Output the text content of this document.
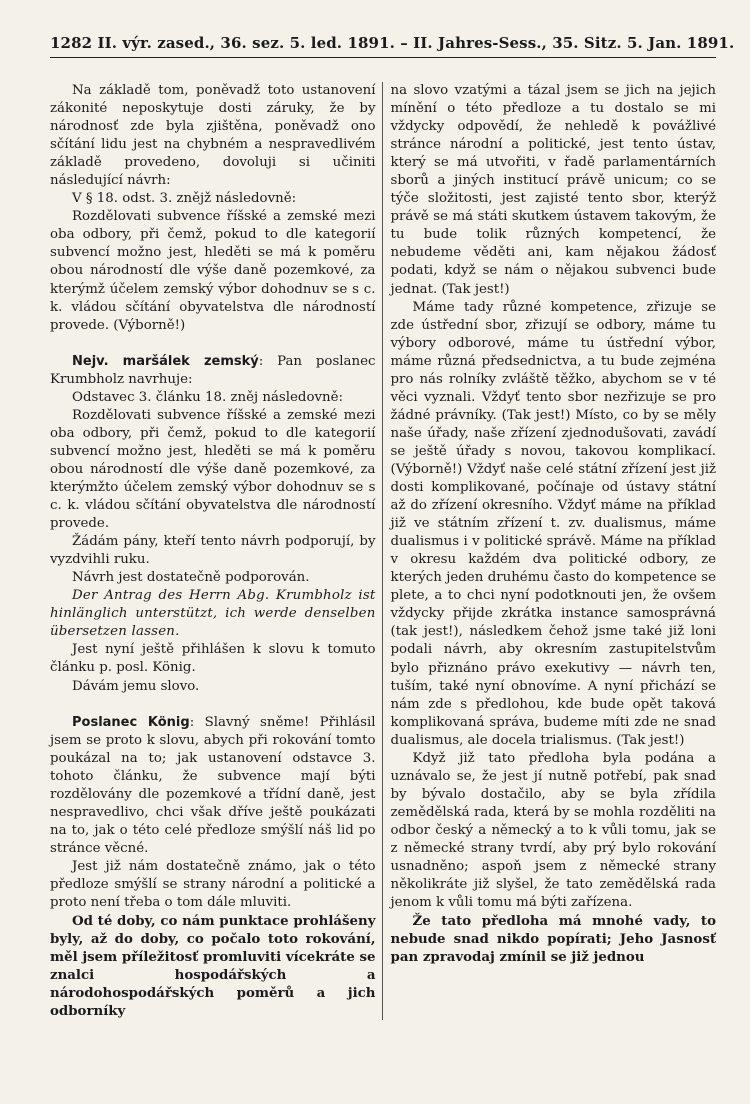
1282 II. výr. zased., 36. sez. 5. led. 1891. – II. Jahres-Sess., 35. Sitz. 5. Jan. 1891.

Na základě tom, poněvadž toto ustanovení zákonité neposkytuje dosti záruky, že by národnosť zde byla zjištěna, poněvadž ono sčítání lidu jest na chybném a nespravedlivém základě provedeno, dovoluji si učiniti následující návrh:

V § 18. odst. 3. znějž následovně:

Rozdělovati subvence říšské a zemské mezi oba odbory, při čemž, pokud to dle kategorií subvencí možno jest, hleděti se má k poměru obou národností dle výše daně pozemkové, za kterýmž účelem zemský výbor dohodnuv se s c. k. vládou sčítání obyvatelstva dle národností provede. (Výborně!)

Nejv. maršálek zemský: Pan poslanec Krumbholz navrhuje:

Odstavec 3. článku 18. zněj následovně:

Rozdělovati subvence říšské a zemské mezi oba odbory, při čemž, pokud to dle kategorií subvencí možno jest, hleděti se má k poměru obou národností dle výše daně pozemkové, za kterýmžto účelem zemský výbor dohodnuv se s c. k. vládou sčítání obyvatelstva dle národností provede.

Žádám pány, kteří tento návrh podporují, by vyzdvihli ruku.

Návrh jest dostatečně podporován.

Der Antrag des Herrn Abg. Krumbholz ist hinlänglich unterstützt, ich werde denselben übersetzen lassen.

Jest nyní ještě přihlášen k slovu k tomuto článku p. posl. König.

Dávám jemu slovo.

Poslanec König: Slavný sněme! Přihlásil jsem se proto k slovu, abych při rokování tomto poukázal na to; jak ustanovení odstavce 3. tohoto článku, že subvence mají býti rozdělovány dle pozemkové a třídní daně, jest nespravedlivo, chci však dříve ještě poukázati na to, jak o této celé předloze smýšlí náš lid po stránce věcné.

Jest již nám dostatečně známo, jak o této předloze smýšlí se strany národní a politické a proto není třeba o tom dále mluviti.

Od té doby, co nám punktace prohlášeny byly, až do doby, co počalo toto rokování, měl jsem příležitosť promluviti vícekráte se znalci hospodářských a národohospodářských poměrů a jich odborníky

na slovo vzatými a tázal jsem se jich na jejich mínění o této předloze a tu dostalo se mi vždycky odpovědí, že nehledě k povážlivé stránce národní a politické, jest tento ústav, který se má utvořiti, v řadě parlamentárních sborů a jiných institucí právě unicum; co se týče složitosti, jest zajisté tento sbor, kterýž právě se má státi skutkem ústavem takovým, že tu bude tolik různých kompetencí, že nebudeme věděti ani, kam nějakou žádosť podati, když se nám o nějakou subvenci bude jednat. (Tak jest!)

Máme tady různé kompetence, zřizuje se zde ústřední sbor, zřizují se odbory, máme tu výbory odborové, máme tu ústřední výbor, máme různá předsednictva, a tu bude zejména pro nás rolníky zvláště těžko, abychom se v té věci vyznali. Vždyť tento sbor nezřizuje se pro žádné právníky. (Tak jest!) Místo, co by se měly naše úřady, naše zřízení zjednodušovati, zavádí se ještě úřady s novou, takovou komplikací. (Výborně!) Vždyť naše celé státní zřízení jest již dosti komplikované, počínaje od ústavy státní až do zřízení okresního. Vždyť máme na příklad již ve státním zřízení t. zv. dualismus, máme dualismus i v politické správě. Máme na příklad v okresu každém dva politické odbory, ze kterých jeden druhému často do kompetence se plete, a to chci nyní podotknouti jen, že ovšem vždycky přijde zkrátka instance samosprávná (tak jest!), následkem čehož jsme také již loni podali návrh, aby okresním zastupitelstvům bylo přiznáno právo exekutivy — návrh ten, tuším, také nyní obnovíme. A nyní přichází se nám zde s předlohou, kde bude opět taková komplikovaná správa, budeme míti zde ne snad dualismus, ale docela trialismus. (Tak jest!)

Když již tato předloha byla podána a uznávalo se, že jest jí nutně potřebí, pak snad by bývalo dostačilo, aby se byla zřídila zemědělská rada, která by se mohla rozděliti na odbor český a německý a to k vůli tomu, jak se z německé strany tvrdí, aby prý bylo rokování usnadněno; aspoň jsem z německé strany několikráte již slyšel, že tato zemědělská rada jenom k vůli tomu má býti zařízena.

Že tato předloha má mnohé vady, to nebude snad nikdo popírati; Jeho Jasnosť pan zpravodaj zmínil se již jednou
